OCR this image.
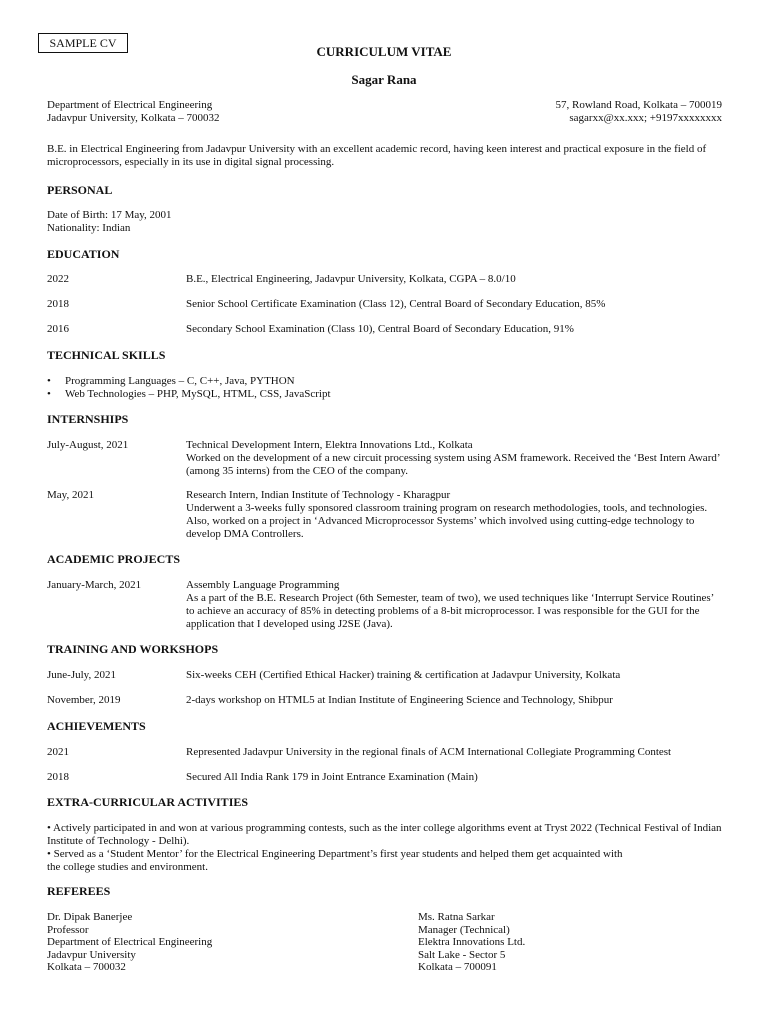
SAMPLE CV
CURRICULUM VITAE
Sagar Rana
Department of Electrical Engineering
Jadavpur University, Kolkata – 700032
57, Rowland Road, Kolkata – 700019
sagarxx@xx.xxx; +9197xxxxxxxx
B.E. in Electrical Engineering from Jadavpur University with an excellent academic record, having keen interest and practical exposure in the field of microprocessors, especially in its use in digital signal processing.
PERSONAL
Date of Birth: 17 May, 2001
Nationality: Indian
EDUCATION
2022	B.E., Electrical Engineering, Jadavpur University, Kolkata, CGPA – 8.0/10
2018	Senior School Certificate Examination (Class 12), Central Board of Secondary Education, 85%
2016	Secondary School Examination (Class 10), Central Board of Secondary Education, 91%
TECHNICAL SKILLS
• Programming Languages – C, C++, Java, PYTHON
• Web Technologies – PHP, MySQL, HTML, CSS, JavaScript
INTERNSHIPS
July-August, 2021	Technical Development Intern, Elektra Innovations Ltd., Kolkata
Worked on the development of a new circuit processing system using ASM framework. Received the ‘Best Intern Award’ (among 35 interns) from the CEO of the company.
May, 2021	Research Intern, Indian Institute of Technology - Kharagpur
Underwent a 3-weeks fully sponsored classroom training program on research methodologies, tools, and technologies. Also, worked on a project in ‘Advanced Microprocessor Systems’ which involved using cutting-edge technology to develop DMA Controllers.
ACADEMIC PROJECTS
January-March, 2021	Assembly Language Programming
As a part of the B.E. Research Project (6th Semester, team of two), we used techniques like ‘Interrupt Service Routines’ to achieve an accuracy of 85% in detecting problems of a 8-bit microprocessor. I was responsible for the GUI for the application that I developed using J2SE (Java).
TRAINING AND WORKSHOPS
June-July, 2021	Six-weeks CEH (Certified Ethical Hacker) training & certification at Jadavpur University, Kolkata
November, 2019	2-days workshop on HTML5 at Indian Institute of Engineering Science and Technology, Shibpur
ACHIEVEMENTS
2021	Represented Jadavpur University in the regional finals of ACM International Collegiate Programming Contest
2018	Secured All India Rank 179 in Joint Entrance Examination (Main)
EXTRA-CURRICULAR ACTIVITIES
• Actively participated in and won at various programming contests, such as the inter college algorithms event at Tryst 2022 (Technical Festival of Indian Institute of Technology - Delhi).
• Served as a ‘Student Mentor’ for the Electrical Engineering Department’s first year students and helped them get acquainted with the college studies and environment.
REFEREES
Dr. Dipak Banerjee
Professor
Department of Electrical Engineering
Jadavpur University
Kolkata – 700032
Ms. Ratna Sarkar
Manager (Technical)
Elektra Innovations Ltd.
Salt Lake - Sector 5
Kolkata – 700091
